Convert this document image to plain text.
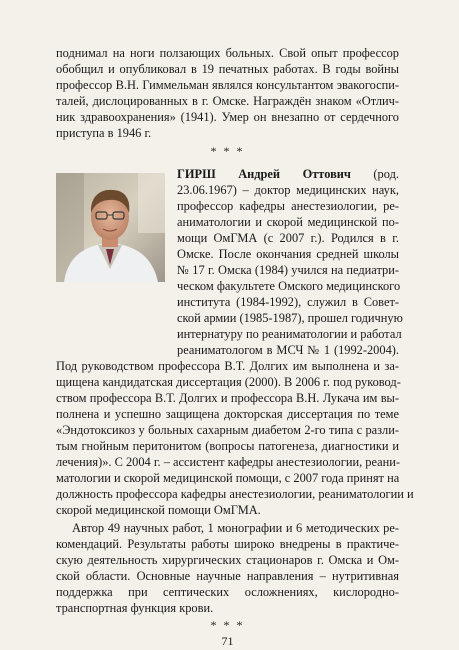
поднимал на ноги ползающих больных. Свой опыт профессор
обобщил и опубликовал в 19 печатных работах. В годы войны
профессор В.Н. Гиммельман являлся консультантом эвакогоспи-
талей, дислоцированных в г. Омске. Награждён знаком «Отлич-
ник здравоохранения» (1941). Умер он внезапно от сердечного
приступа в 1946 г.
* * *
ГИРШ Андрей Оттович (род.
23.06.1967) – доктор медицинских наук,
профессор кафедры анестезиологии, ре-
аниматологии и скорой медицинской по-
мощи ОмГМА (с 2007 г.). Родился в г.
Омске. После окончания средней школы
№ 17 г. Омска (1984) учился на педиатри-
ческом факультете Омского медицинского
института (1984-1992), служил в Совет-
ской армии (1985-1987), прошел годичную
интернатуру по реаниматологии и работал
реаниматологом в МСЧ № 1 (1992-2004).
Под руководством профессора В.Т. Долгих им выполнена и за-
щищена кандидатская диссертация (2000). В 2006 г. под руковод-
ством профессора В.Т. Долгих и профессора В.Н. Лукача им вы-
полнена и успешно защищена докторская диссертация по теме
«Эндотоксикоз у больных сахарным диабетом 2-го типа с разли-
тым гнойным перитонитом (вопросы патогенеза, диагностики и
лечения)». С 2004 г. – ассистент кафедры анестезиологии, реани-
матологии и скорой медицинской помощи, с 2007 года принят на
должность профессора кафедры анестезиологии, реаниматологии и
скорой медицинской помощи ОмГМА.
Автор 49 научных работ, 1 монографии и 6 методических ре-
комендаций. Результаты работы широко внедрены в практиче-
скую деятельность хирургических стационаров г. Омска и Ом-
ской области. Основные научные направления – нутритивная
поддержка при септических осложнениях, кислородно-
транспортная функция крови.
* * *
71
